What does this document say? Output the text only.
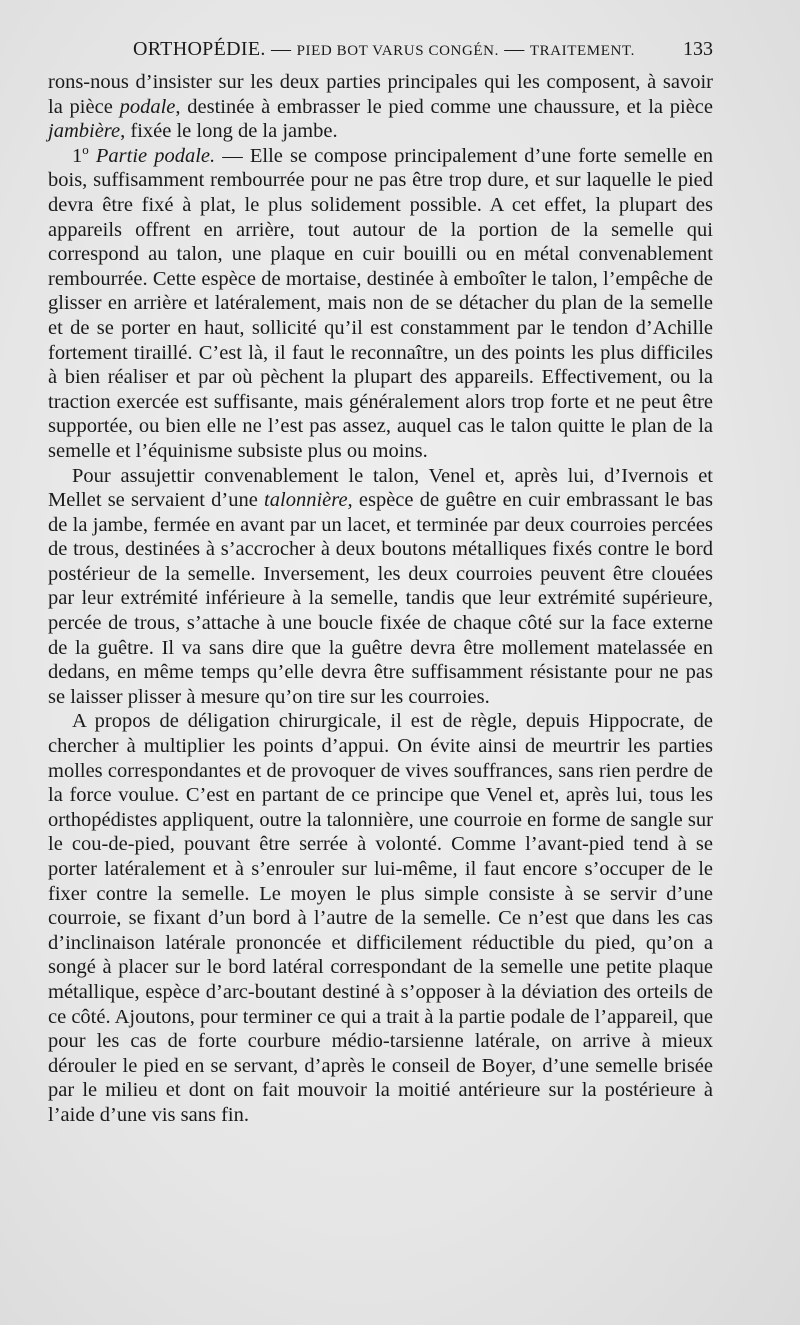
ORTHOPÉDIE. — PIED BOT VARUS CONGÉN. — TRAITEMENT. 133

rons-nous d’insister sur les deux parties principales qui les composent, à savoir la pièce podale, destinée à embrasser le pied comme une chaussure, et la pièce jambière, fixée le long de la jambe.

1$^o$ Partie podale. — Elle se compose principalement d’une forte semelle en bois, suffisamment rembourrée pour ne pas être trop dure, et sur laquelle le pied devra être fixé à plat, le plus solidement possible. A cet effet, la plupart des appareils offrent en arrière, tout autour de la portion de la semelle qui correspond au talon, une plaque en cuir bouilli ou en métal convenablement rembourrée. Cette espèce de mortaise, destinée à emboîter le talon, l’empêche de glisser en arrière et latéralement, mais non de se détacher du plan de la semelle et de se porter en haut, sollicité qu’il est constamment par le tendon d’Achille fortement tiraillé. C’est là, il faut le reconnaître, un des points les plus difficiles à bien réaliser et par où pèchent la plupart des appareils. Effectivement, ou la traction exercée est suffisante, mais généralement alors trop forte et ne peut être supportée, ou bien elle ne l’est pas assez, auquel cas le talon quitte le plan de la semelle et l’équinisme subsiste plus ou moins.

Pour assujettir convenablement le talon, Venel et, après lui, d’Ivernois et Mellet se servaient d’une talonnière, espèce de guêtre en cuir embrassant le bas de la jambe, fermée en avant par un lacet, et terminée par deux courroies percées de trous, destinées à s’accrocher à deux boutons métalliques fixés contre le bord postérieur de la semelle. Inversement, les deux courroies peuvent être clouées par leur extrémité inférieure à la semelle, tandis que leur extrémité supérieure, percée de trous, s’attache à une boucle fixée de chaque côté sur la face externe de la guêtre. Il va sans dire que la guêtre devra être mollement matelassée en dedans, en même temps qu’elle devra être suffisamment résistante pour ne pas se laisser plisser à mesure qu’on tire sur les courroies.

A propos de déligation chirurgicale, il est de règle, depuis Hippocrate, de chercher à multiplier les points d’appui. On évite ainsi de meurtrir les parties molles correspondantes et de provoquer de vives souffrances, sans rien perdre de la force voulue. C’est en partant de ce principe que Venel et, après lui, tous les orthopédistes appliquent, outre la talonnière, une courroie en forme de sangle sur le cou-de-pied, pouvant être serrée à volonté. Comme l’avant-pied tend à se porter latéralement et à s’enrouler sur lui-même, il faut encore s’occuper de le fixer contre la semelle. Le moyen le plus simple consiste à se servir d’une courroie, se fixant d’un bord à l’autre de la semelle. Ce n’est que dans les cas d’inclinaison latérale prononcée et difficilement réductible du pied, qu’on a songé à placer sur le bord latéral correspondant de la semelle une petite plaque métallique, espèce d’arc-boutant destiné à s’opposer à la déviation des orteils de ce côté. Ajoutons, pour terminer ce qui a trait à la partie podale de l’appareil, que pour les cas de forte courbure médio-tarsienne latérale, on arrive à mieux dérouler le pied en se servant, d’après le conseil de Boyer, d’une semelle brisée par le milieu et dont on fait mouvoir la moitié antérieure sur la postérieure à l’aide d’une vis sans fin.
